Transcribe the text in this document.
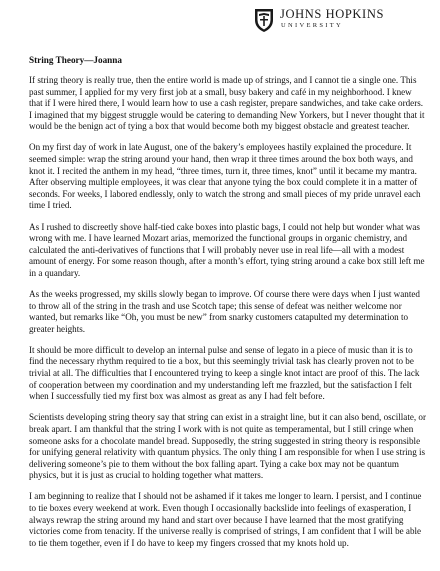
JOHNS HOPKINS
UNIVERSITY

String Theory—Joanna

If string theory is really true, then the entire world is made up of strings, and I cannot tie a single one. This past summer, I applied for my very first job at a small, busy bakery and café in my neighborhood. I knew that if I were hired there, I would learn how to use a cash register, prepare sandwiches, and take cake orders. I imagined that my biggest struggle would be catering to demanding New Yorkers, but I never thought that it would be the benign act of tying a box that would become both my biggest obstacle and greatest teacher.

On my first day of work in late August, one of the bakery’s employees hastily explained the procedure. It seemed simple: wrap the string around your hand, then wrap it three times around the box both ways, and knot it. I recited the anthem in my head, “three times, turn it, three times, knot” until it became my mantra. After observing multiple employees, it was clear that anyone tying the box could complete it in a matter of seconds. For weeks, I labored endlessly, only to watch the strong and small pieces of my pride unravel each time I tried.

As I rushed to discreetly shove half-tied cake boxes into plastic bags, I could not help but wonder what was wrong with me. I have learned Mozart arias, memorized the functional groups in organic chemistry, and calculated the anti-derivatives of functions that I will probably never use in real life—all with a modest amount of energy. For some reason though, after a month’s effort, tying string around a cake box still left me in a quandary.

As the weeks progressed, my skills slowly began to improve. Of course there were days when I just wanted to throw all of the string in the trash and use Scotch tape; this sense of defeat was neither welcome nor wanted, but remarks like “Oh, you must be new” from snarky customers catapulted my determination to greater heights.

It should be more difficult to develop an internal pulse and sense of legato in a piece of music than it is to find the necessary rhythm required to tie a box, but this seemingly trivial task has clearly proven not to be trivial at all. The difficulties that I encountered trying to keep a single knot intact are proof of this. The lack of cooperation between my coordination and my understanding left me frazzled, but the satisfaction I felt when I successfully tied my first box was almost as great as any I had felt before.

Scientists developing string theory say that string can exist in a straight line, but it can also bend, oscillate, or break apart. I am thankful that the string I work with is not quite as temperamental, but I still cringe when someone asks for a chocolate mandel bread. Supposedly, the string suggested in string theory is responsible for unifying general relativity with quantum physics. The only thing I am responsible for when I use string is delivering someone’s pie to them without the box falling apart. Tying a cake box may not be quantum physics, but it is just as crucial to holding together what matters.

I am beginning to realize that I should not be ashamed if it takes me longer to learn. I persist, and I continue to tie boxes every weekend at work. Even though I occasionally backslide into feelings of exasperation, I always rewrap the string around my hand and start over because I have learned that the most gratifying victories come from tenacity. If the universe really is comprised of strings, I am confident that I will be able to tie them together, even if I do have to keep my fingers crossed that my knots hold up.
